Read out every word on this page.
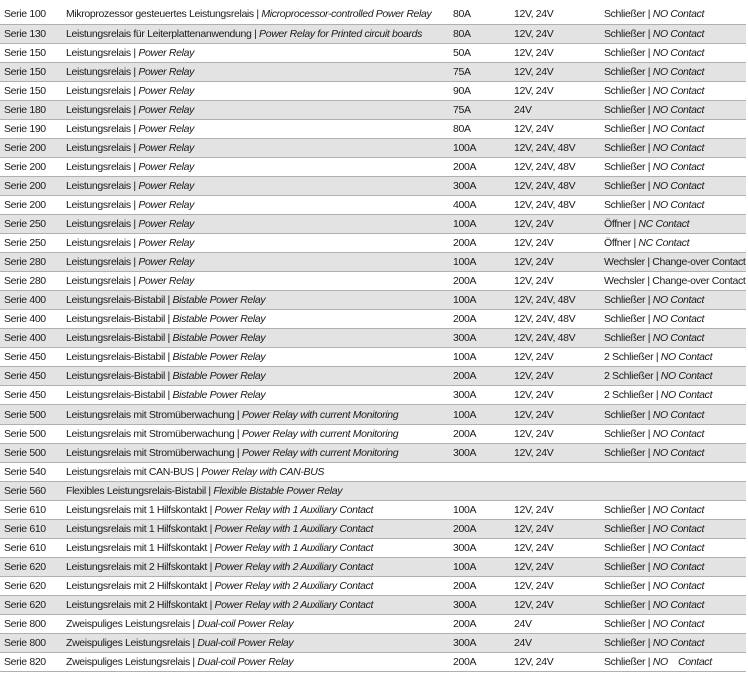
Serie 100	Mikroprozessor gesteuertes Leistungsrelais | Microprocessor-controlled Power Relay	80A	12V, 24V	Schließer | NO Contact
Serie 130	Leistungsrelais für Leiterplattenanwendung | Power Relay for Printed circuit boards	80A	12V, 24V	Schließer | NO Contact
Serie 150	Leistungsrelais | Power Relay	50A	12V, 24V	Schließer | NO Contact
Serie 150	Leistungsrelais | Power Relay	75A	12V, 24V	Schließer | NO Contact
Serie 150	Leistungsrelais | Power Relay	90A	12V, 24V	Schließer | NO Contact
Serie 180	Leistungsrelais | Power Relay	75A	24V	Schließer | NO Contact
Serie 190	Leistungsrelais | Power Relay	80A	12V, 24V	Schließer | NO Contact
Serie 200	Leistungsrelais | Power Relay	100A	12V, 24V, 48V	Schließer | NO Contact
Serie 200	Leistungsrelais | Power Relay	200A	12V, 24V, 48V	Schließer | NO Contact
Serie 200	Leistungsrelais | Power Relay	300A	12V, 24V, 48V	Schließer | NO Contact
Serie 200	Leistungsrelais | Power Relay	400A	12V, 24V, 48V	Schließer | NO Contact
Serie 250	Leistungsrelais | Power Relay	100A	12V, 24V	Öffner | NC Contact
Serie 250	Leistungsrelais | Power Relay	200A	12V, 24V	Öffner | NC Contact
Serie 280	Leistungsrelais | Power Relay	100A	12V, 24V	Wechsler | Change-over Contact
Serie 280	Leistungsrelais | Power Relay	200A	12V, 24V	Wechsler | Change-over Contact
Serie 400	Leistungsrelais-Bistabil | Bistable Power Relay	100A	12V, 24V, 48V	Schließer | NO Contact
Serie 400	Leistungsrelais-Bistabil | Bistable Power Relay	200A	12V, 24V, 48V	Schließer | NO Contact
Serie 400	Leistungsrelais-Bistabil | Bistable Power Relay	300A	12V, 24V, 48V	Schließer | NO Contact
Serie 450	Leistungsrelais-Bistabil | Bistable Power Relay	100A	12V, 24V	2 Schließer | NO Contact
Serie 450	Leistungsrelais-Bistabil | Bistable Power Relay	200A	12V, 24V	2 Schließer | NO Contact
Serie 450	Leistungsrelais-Bistabil | Bistable Power Relay	300A	12V, 24V	2 Schließer | NO Contact
Serie 500	Leistungsrelais mit Stromüberwachung | Power Relay with current Monitoring	100A	12V, 24V	Schließer | NO Contact
Serie 500	Leistungsrelais mit Stromüberwachung | Power Relay with current Monitoring	200A	12V, 24V	Schließer | NO Contact
Serie 500	Leistungsrelais mit Stromüberwachung | Power Relay with current Monitoring	300A	12V, 24V	Schließer | NO Contact
Serie 540	Leistungsrelais mit CAN-BUS | Power Relay with CAN-BUS			
Serie 560	Flexibles Leistungsrelais-Bistabil | Flexible Bistable Power Relay			
Serie 610	Leistungsrelais mit 1 Hilfskontakt | Power Relay with 1 Auxiliary Contact	100A	12V, 24V	Schließer | NO Contact
Serie 610	Leistungsrelais mit 1 Hilfskontakt | Power Relay with 1 Auxiliary Contact	200A	12V, 24V	Schließer | NO Contact
Serie 610	Leistungsrelais mit 1 Hilfskontakt | Power Relay with 1 Auxiliary Contact	300A	12V, 24V	Schließer | NO Contact
Serie 620	Leistungsrelais mit 2 Hilfskontakt | Power Relay with 2 Auxiliary Contact	100A	12V, 24V	Schließer | NO Contact
Serie 620	Leistungsrelais mit 2 Hilfskontakt | Power Relay with 2 Auxiliary Contact	200A	12V, 24V	Schließer | NO Contact
Serie 620	Leistungsrelais mit 2 Hilfskontakt | Power Relay with 2 Auxiliary Contact	300A	12V, 24V	Schließer | NO Contact
Serie 800	Zweispuliges Leistungsrelais | Dual-coil Power Relay	200A	24V	Schließer | NO Contact
Serie 800	Zweispuliges Leistungsrelais | Dual-coil Power Relay	300A	24V	Schließer | NO Contact
Serie 820	Zweispuliges Leistungsrelais | Dual-coil Power Relay	200A	12V, 24V	Schließer | NO    Contact
